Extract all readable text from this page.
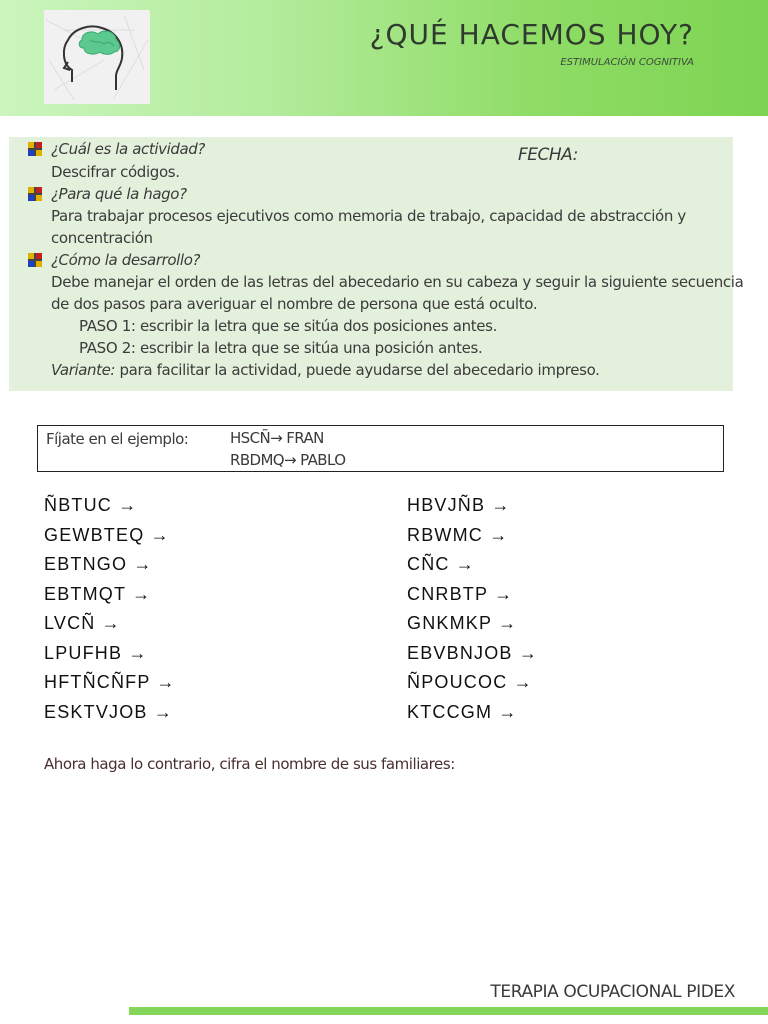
¿QUÉ HACEMOS HOY?
ESTIMULACIÓN COGNITIVA
¿Cuál es la actividad?	FECHA:
Descifrar códigos.
¿Para qué la hago?
Para trabajar procesos ejecutivos como memoria de trabajo, capacidad de abstracción y
concentración
¿Cómo la desarrollo?
Debe manejar el orden de las letras del abecedario en su cabeza y seguir la siguiente secuencia
de dos pasos para averiguar el nombre de persona que está oculto.
PASO 1: escribir la letra que se sitúa dos posiciones antes.
PASO 2: escribir la letra que se sitúa una posición antes.
Variante: para facilitar la actividad, puede ayudarse del abecedario impreso.
Fíjate en el ejemplo:	HSCÑ→ FRAN
RBDMQ→ PABLO
ÑBTUC →
GEWBTEQ →
EBTNGO →
EBTMQT →
LVCÑ →
LPUFHB →
HFTÑCÑFP →
ESKTVJOB →
HBVJÑB →
RBWMC →
CÑC →
CNRBTP →
GNKMKP →
EBVBNJOB →
ÑPOUCOC →
KTCCGM →
Ahora haga lo contrario, cifra el nombre de sus familiares:
TERAPIA OCUPACIONAL PIDEX
